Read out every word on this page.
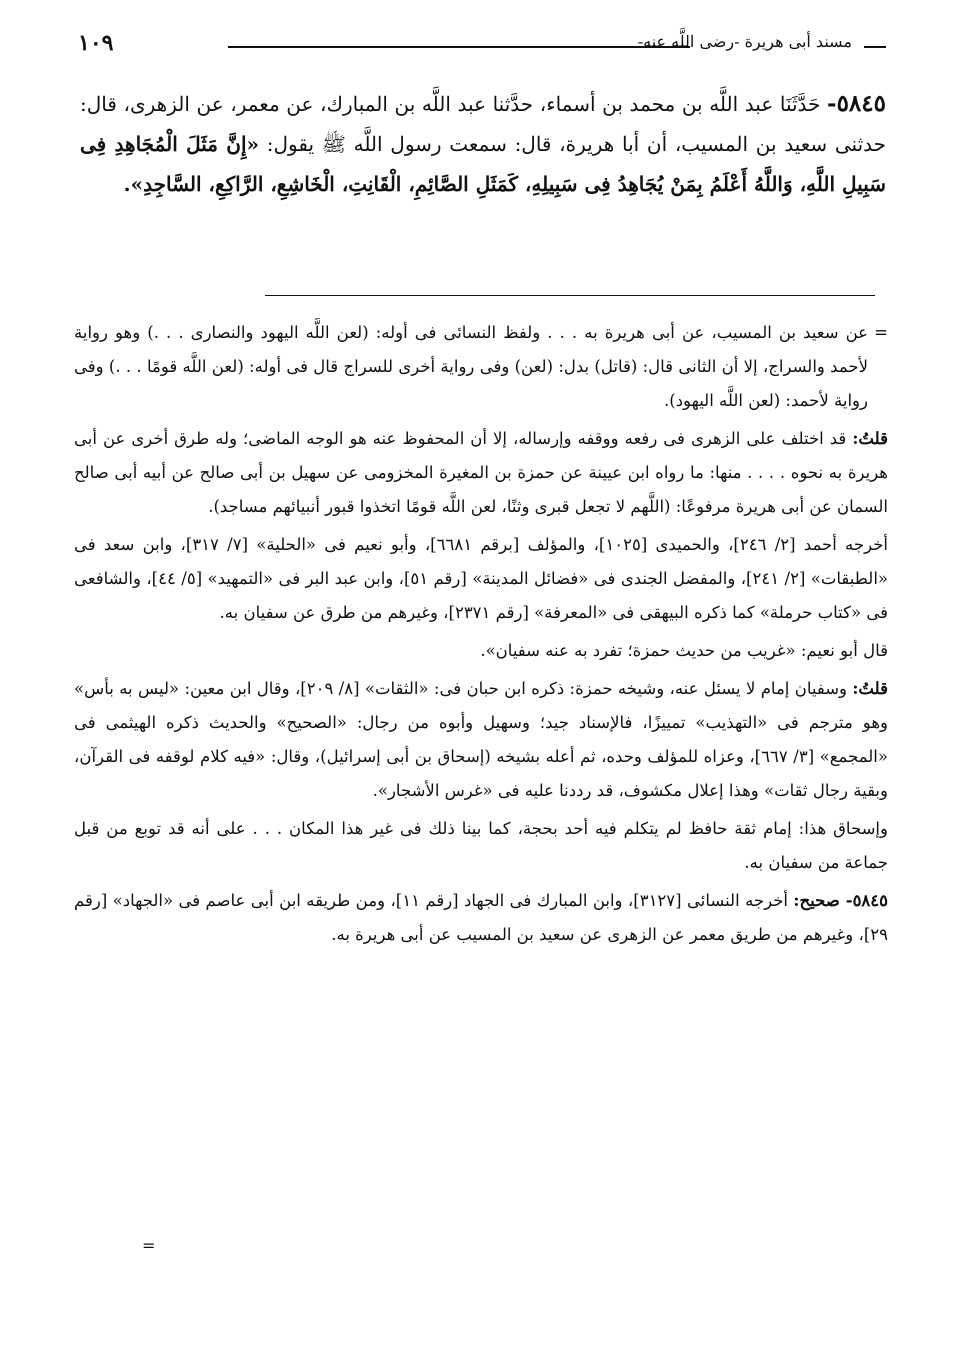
١٠٩	مسند أبى هريرة -رضى اللَّه عنه-

٥٨٤٥- حَدَّثَنَا عبد اللَّه بن محمد بن أسماء، حدَّثنا عبد اللَّه بن المبارك، عن معمر، عن الزهرى، قال: حدثنى سعيد بن المسيب، أن أبا هريرة، قال: سمعت رسول اللَّه ﷺ يقول: «إِنَّ مَثَلَ الْمُجَاهِدِ فِى سَبِيلِ اللَّهِ، وَاللَّهُ أَعْلَمُ بِمَنْ يُجَاهِدُ فِى سَبِيلِهِ، كَمَثَلِ الصَّائِمِ، الْقَانِتِ، الْخَاشِعِ، الرَّاكِعِ، السَّاجِدِ».

=
عن سعيد بن المسيب، عن أبى هريرة به . . . ولفظ النسائى فى أوله: (لعن اللَّه اليهود والنصارى . . .) وهو رواية لأحمد والسراج، إلا أن الثانى قال: (قاتل) بدل: (لعن) وفى رواية أخرى للسراج قال فى أوله: (لعن اللَّه قومًا . . .) وفى رواية لأحمد: (لعن اللَّه اليهود).

قلتُ: قد اختلف على الزهرى فى رفعه ووقفه وإرساله، إلا أن المحفوظ عنه هو الوجه الماضى؛ وله طرق أخرى عن أبى هريرة به نحوه . . . . منها: ما رواه ابن عيينة عن حمزة بن المغيرة المخزومى عن سهيل بن أبى صالح عن أبيه أبى صالح السمان عن أبى هريرة مرفوعًا: (اللَّهم لا تجعل قبرى وثنًا، لعن اللَّه قومًا اتخذوا قبور أنبيائهم مساجد).

أخرجه أحمد [٢/ ٢٤٦]، والحميدى [١٠٢٥]، والمؤلف [برقم ٦٦٨١]، وأبو نعيم فى «الحلية» [٧/ ٣١٧]، وابن سعد فى «الطبقات» [٢/ ٢٤١]، والمفضل الجندى فى «فضائل المدينة» [رقم ٥١]، وابن عبد البر فى «التمهيد» [٥/ ٤٤]، والشافعى فى «كتاب حرملة» كما ذكره البيهقى فى «المعرفة» [رقم ٢٣٧١]، وغيرهم من طرق عن سفيان به.

قال أبو نعيم: «غريب من حديث حمزة؛ تفرد به عنه سفيان».

قلتُ: وسفيان إمام لا يسئل عنه، وشيخه حمزة: ذكره ابن حبان فى: «الثقات» [٨/ ٢٠٩]، وقال ابن معين: «ليس به بأس» وهو مترجم فى «التهذيب» تمييزًا، فالإسناد جيد؛ وسهيل وأبوه من رجال: «الصحيح» والحديث ذكره الهيثمى فى «المجمع» [٣/ ٦٦٧]، وعزاه للمؤلف وحده، ثم أعله بشيخه (إسحاق بن أبى إسرائيل)، وقال: «فيه كلام لوقفه فى القرآن، وبقية رجال ثقات» وهذا إعلال مكشوف، قد رددنا عليه فى «غرس الأشجار».

وإسحاق هذا: إمام ثقة حافظ لم يتكلم فيه أحد بحجة، كما بينا ذلك فى غير هذا المكان . . . على أنه قد توبع من قبل جماعة من سفيان به.

٥٨٤٥- صحيح: أخرجه النسائى [٣١٢٧]، وابن المبارك فى الجهاد [رقم ١١]، ومن طريقه ابن أبى عاصم فى «الجهاد» [رقم ٢٩]، وغيرهم من طريق معمر عن الزهرى عن سعيد بن المسيب عن أبى هريرة به.

=
